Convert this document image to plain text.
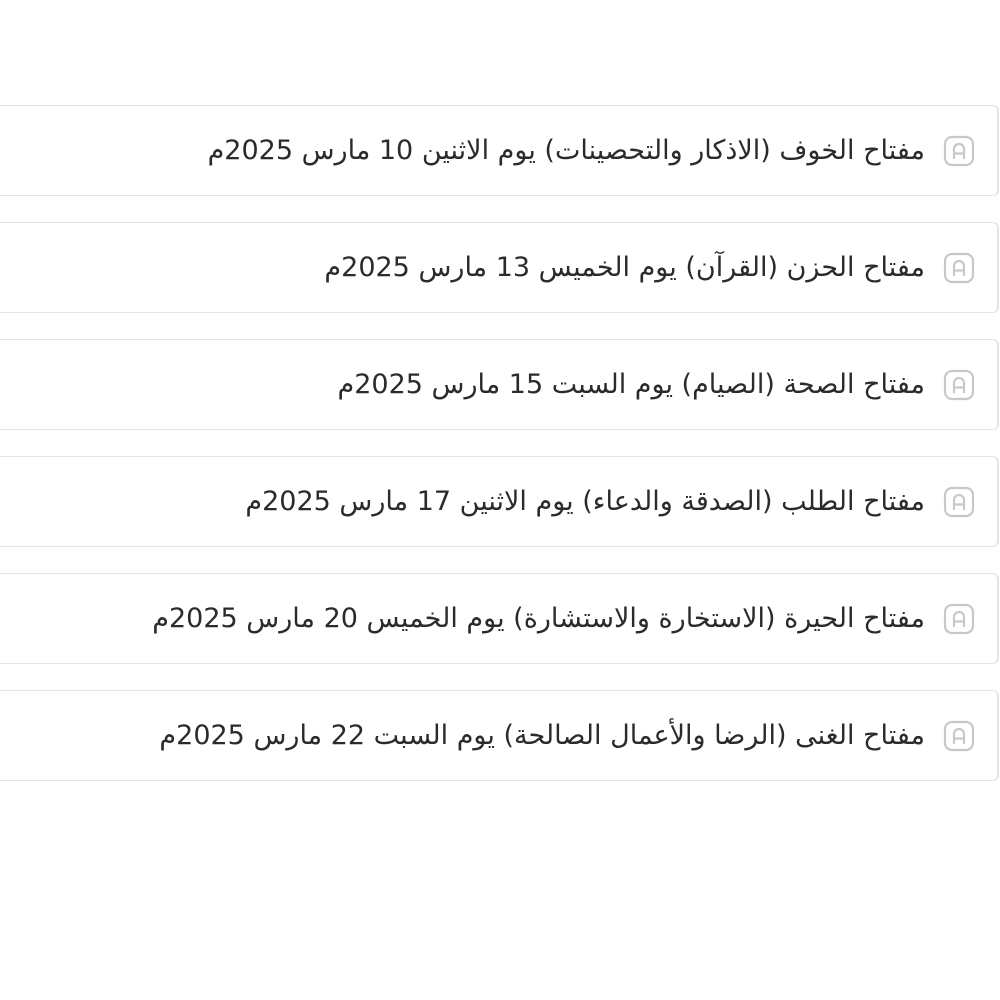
مفتاح الخوف (الاذكار والتحصينات) يوم الاثنين 10 مارس 2025م
مفتاح الحزن (القرآن) يوم الخميس 13 مارس 2025م
مفتاح الصحة (الصيام) يوم السبت 15 مارس 2025م
مفتاح الطلب (الصدقة والدعاء) يوم الاثنين 17 مارس 2025م
مفتاح الحيرة (الاستخارة والاستشارة) يوم الخميس 20 مارس 2025م
مفتاح الغنى (الرضا والأعمال الصالحة) يوم السبت 22 مارس 2025م
